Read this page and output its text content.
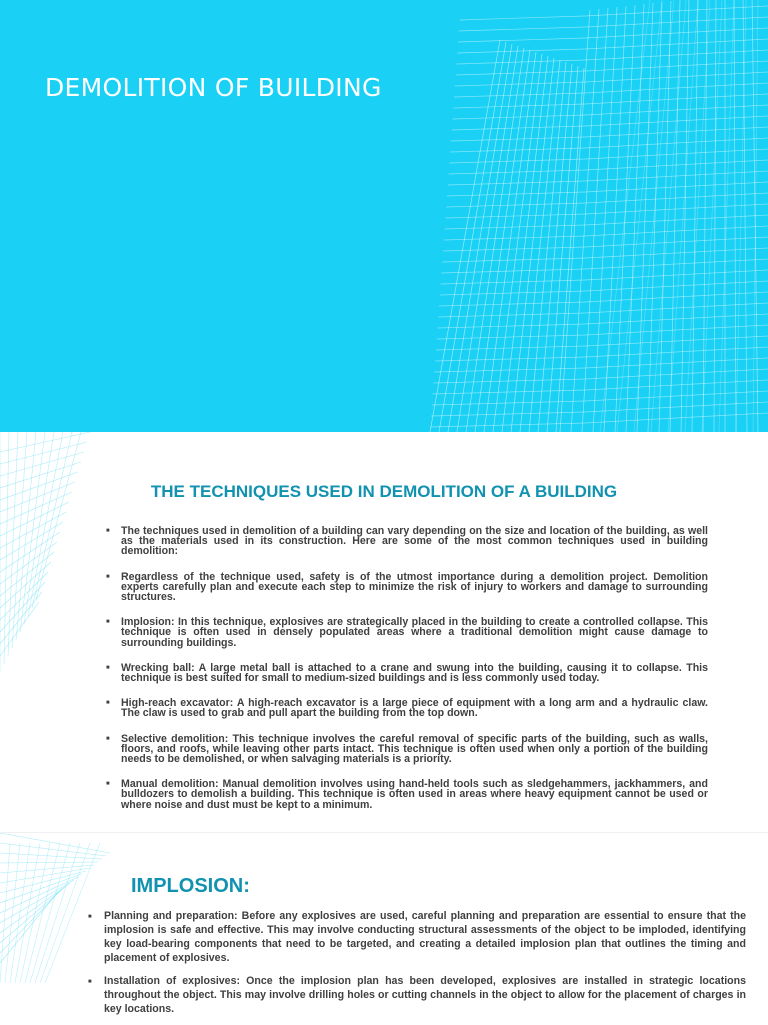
DEMOLITION OF BUILDING
THE TECHNIQUES USED IN DEMOLITION OF A BUILDING
■ The techniques used in demolition of a building can vary depending on the size and location of the building, as well as the materials used in its construction. Here are some of the most common techniques used in building demolition:
■ Regardless of the technique used, safety is of the utmost importance during a demolition project. Demolition experts carefully plan and execute each step to minimize the risk of injury to workers and damage to surrounding structures.
■ Implosion: In this technique, explosives are strategically placed in the building to create a controlled collapse. This technique is often used in densely populated areas where a traditional demolition might cause damage to surrounding buildings.
■ Wrecking ball: A large metal ball is attached to a crane and swung into the building, causing it to collapse. This technique is best suited for small to medium-sized buildings and is less commonly used today.
■ High-reach excavator: A high-reach excavator is a large piece of equipment with a long arm and a hydraulic claw. The claw is used to grab and pull apart the building from the top down.
■ Selective demolition: This technique involves the careful removal of specific parts of the building, such as walls, floors, and roofs, while leaving other parts intact. This technique is often used when only a portion of the building needs to be demolished, or when salvaging materials is a priority.
■ Manual demolition: Manual demolition involves using hand-held tools such as sledgehammers, jackhammers, and bulldozers to demolish a building. This technique is often used in areas where heavy equipment cannot be used or where noise and dust must be kept to a minimum.
IMPLOSION:
■ Planning and preparation: Before any explosives are used, careful planning and preparation are essential to ensure that the implosion is safe and effective. This may involve conducting structural assessments of the object to be imploded, identifying key load-bearing components that need to be targeted, and creating a detailed implosion plan that outlines the timing and placement of explosives.
■ Installation of explosives: Once the implosion plan has been developed, explosives are installed in strategic locations throughout the object. This may involve drilling holes or cutting channels in the object to allow for the placement of charges in key locations.
